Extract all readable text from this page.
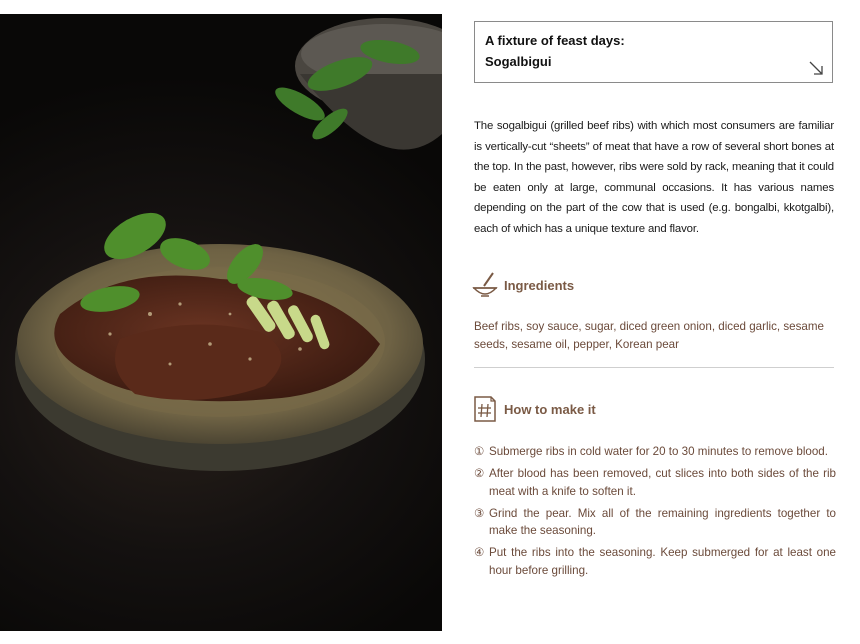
A fixture of feast days:
Sogalbigui

The sogalbigui (grilled beef ribs) with which most consumers are familiar is vertically-cut “sheets” of meat that have a row of several short bones at the top. In the past, however, ribs were sold by rack, meaning that it could be eaten only at large, communal occasions. It has various names depending on the part of the cow that is used (e.g. bongalbi, kkotgalbi), each of which has a unique texture and flavor.

Ingredients

Beef ribs, soy sauce, sugar, diced green onion, diced garlic, sesame seeds, sesame oil, pepper, Korean pear

How to make it
① Submerge ribs in cold water for 20 to 30 minutes to remove blood.
② After blood has been removed, cut slices into both sides of the rib meat with a knife to soften it.
③ Grind the pear. Mix all of the remaining ingredients together to make the seasoning.
④ Put the ribs into the seasoning. Keep submerged for at least one hour before grilling.
